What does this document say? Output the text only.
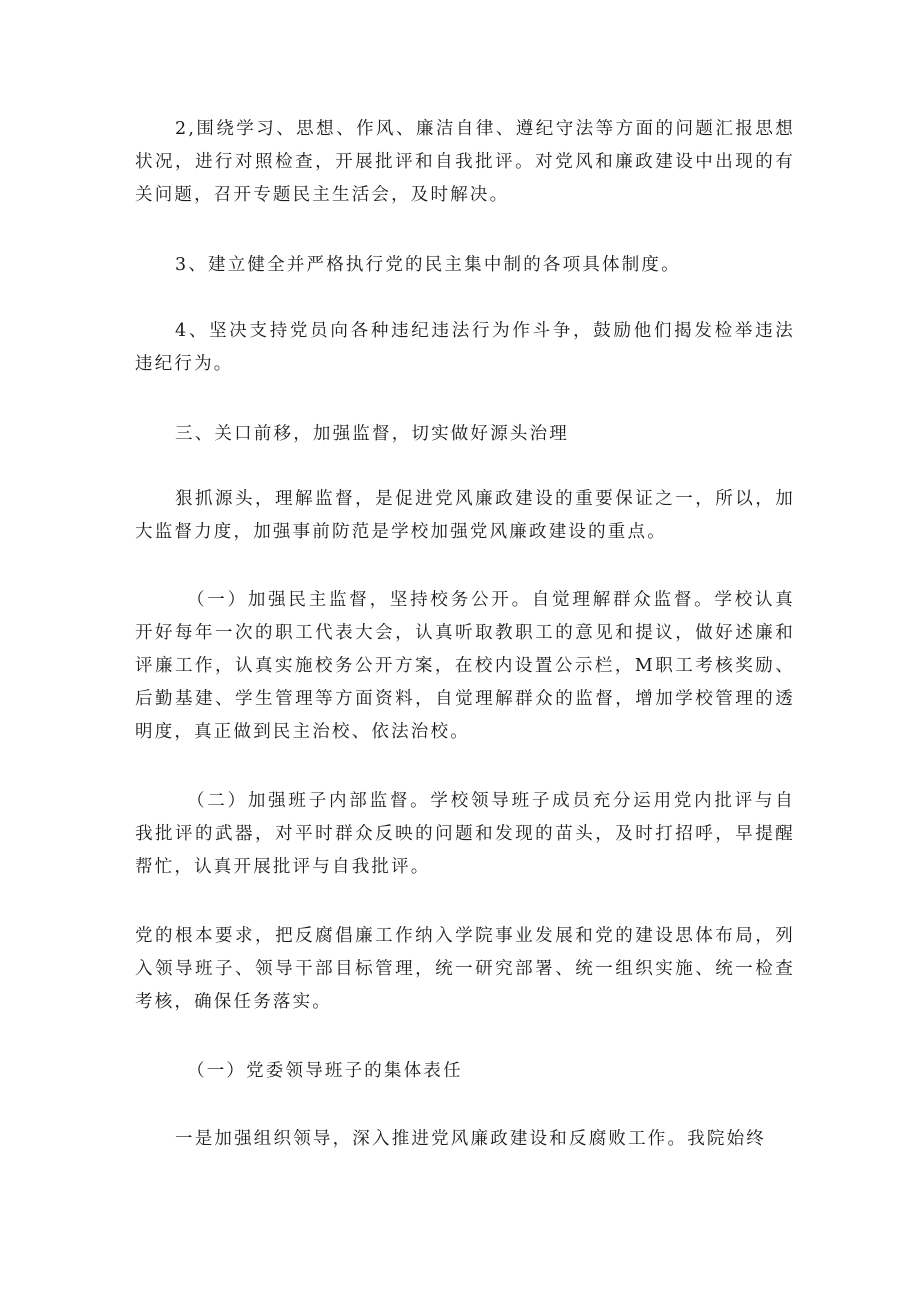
2,围绕学习、思想、作风、廉洁自律、遵纪守法等方面的问题汇报思想状况，进行对照检查，开展批评和自我批评。对党风和廉政建设中出现的有关问题，召开专题民主生活会，及时解决。

3、建立健全并严格执行党的民主集中制的各项具体制度。

4、坚决支持党员向各种违纪违法行为作斗争，鼓励他们揭发检举违法违纪行为。

三、关口前移，加强监督，切实做好源头治理

狠抓源头，理解监督，是促进党风廉政建设的重要保证之一，所以，加大监督力度，加强事前防范是学校加强党风廉政建设的重点。

（一）加强民主监督，坚持校务公开。自觉理解群众监督。学校认真开好每年一次的职工代表大会，认真听取教职工的意见和提议，做好述廉和评廉工作，认真实施校务公开方案，在校内设置公示栏，M职工考核奖励、后勤基建、学生管理等方面资料，自觉理解群众的监督，增加学校管理的透明度，真正做到民主治校、依法治校。

（二）加强班子内部监督。学校领导班子成员充分运用党内批评与自我批评的武器，对平时群众反映的问题和发现的苗头，及时打招呼，早提醒帮忙，认真开展批评与自我批评。

党的根本要求，把反腐倡廉工作纳入学院事业发展和党的建设思体布局，列入领导班子、领导干部目标管理，统一研究部署、统一组织实施、统一检查考核，确保任务落实。

（一）党委领导班子的集体表任

一是加强组织领导，深入推进党风廉政建设和反腐败工作。我院始终
